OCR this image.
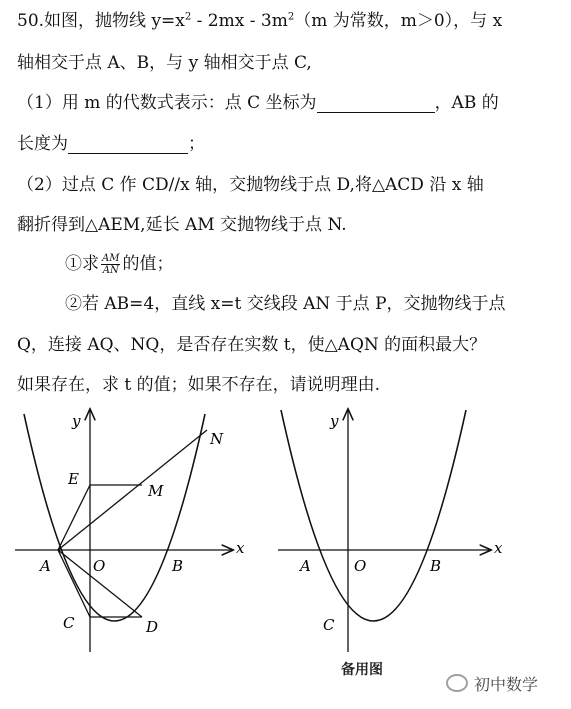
50.如图，抛物线 $y=x^2 - 2mx - 3m^2(m$ 为常数，m＞0），与 x
轴相交于点 A、B，与 y 轴相交于点 C,
（1）用 m 的代数式表示：点 C 坐标为	，AB 的
长度为	；
（2）过点 C 作 CD//x 轴，交抛物线于点 D,将△ACD 沿 x 轴
翻折得到△AEM,延长 AM 交抛物线于点 N.
①求 $\frac{AM}{AN}$ 的值；
②若 AB=4，直线 x=t 交线段 AN 于点 P，交抛物线于点
Q，连接 AQ、NQ，是否存在实数 t，使△AQN 的面积最大？
如果存在，求 t 的值；如果不存在，请说明理由.
y
x
N
E
M
A	O	B
C	D
y
x
A	O	B
C
备用图
初中数学
